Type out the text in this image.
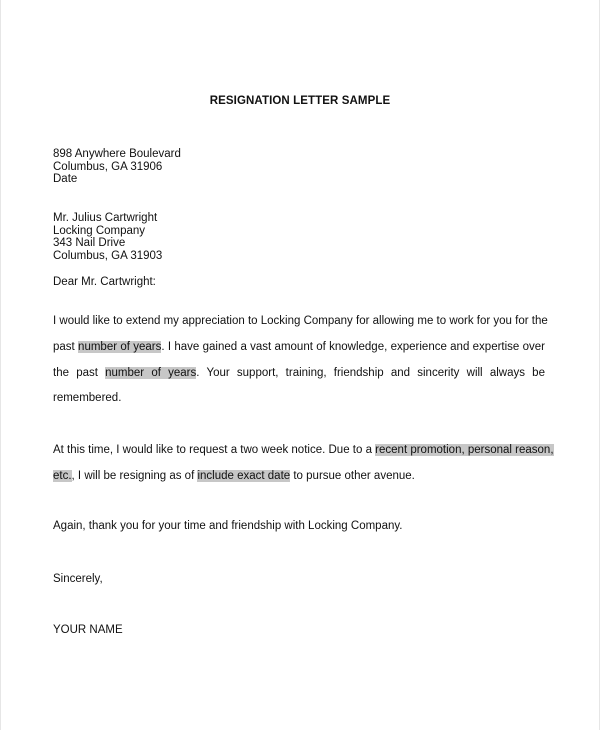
RESIGNATION LETTER SAMPLE
898 Anywhere Boulevard
Columbus, GA 31906
Date
Mr. Julius Cartwright
Locking Company
343 Nail Drive
Columbus, GA 31903
Dear Mr. Cartwright:
I would like to extend my appreciation to Locking Company for allowing me to work for you for the
past number of years. I have gained a vast amount of knowledge, experience and expertise over
the past number of years. Your support, training, friendship and sincerity will always be
remembered.
At this time, I would like to request a two week notice. Due to a recent promotion, personal reason,
etc., I will be resigning as of include exact date to pursue other avenue.
Again, thank you for your time and friendship with Locking Company.
Sincerely,
YOUR NAME
